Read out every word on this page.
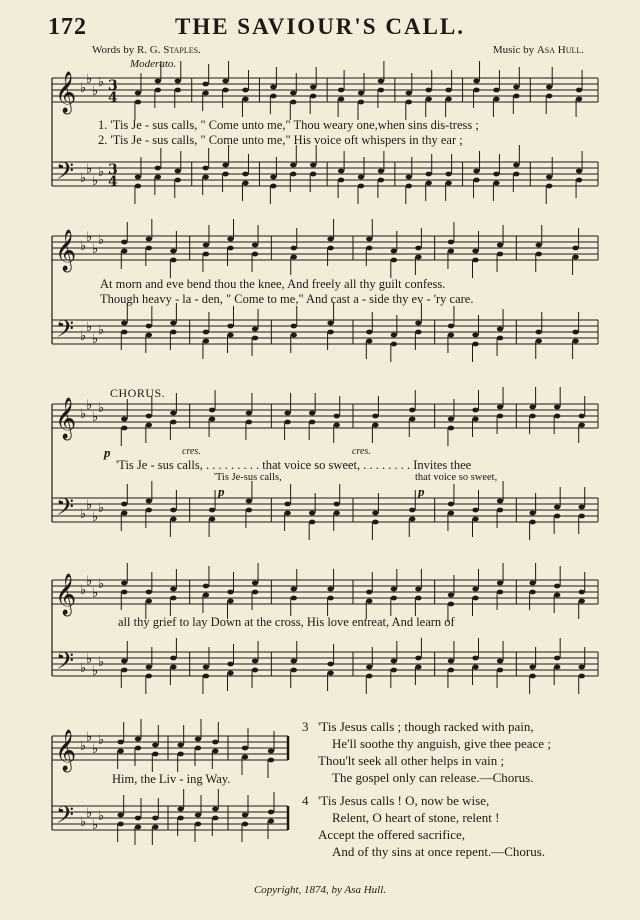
172	THE SAVIOUR'S CALL.
Words by R. G. Staples.	Music by Asa Hull.
Moderato.
𝄞
𝄢
♭
♭
♭
♭
♭
♭
♭
♭
3
4
3
4
𝄞
𝄢
♭
♭
♭
♭
♭
♭
♭
♭
𝄞
𝄢
♭
♭
♭
♭
♭
♭
♭
♭
𝄞
𝄢
♭
♭
♭
♭
♭
♭
♭
♭
𝄞
𝄢
♭
♭
♭
♭
♭
♭
♭
♭
1. 'Tis Je - sus calls, " Come unto me," Thou weary one,when sins dis-tress ;
2. 'Tis Je - sus calls, " Come unto me," His voice oft whispers in thy ear ;
At morn and eve bend thou the knee, And freely all thy guilt confess.
Though heavy - la - den, " Come to me," And cast a - side thy ev - 'ry care.
CHORUS.
cres.	cres.
p
'Tis Je - sus calls, . . . . . . . . . that voice so sweet, . . . . . . . . Invites thee
'Tis Je-sus calls,	that voice so sweet,
p	p
all thy grief to lay Down at the cross, His love entreat, And learn of
Him, the Liv - ing Way.
3 'Tis Jesus calls ; though racked with pain,
He'll soothe thy anguish, give thee peace ;
Thou'lt seek all other helps in vain ;
The gospel only can release.—Chorus.
4 'Tis Jesus calls ! O, now be wise,
Relent, O heart of stone, relent !
Accept the offered sacrifice,
And of thy sins at once repent.—Chorus.
Copyright, 1874, by Asa Hull.
